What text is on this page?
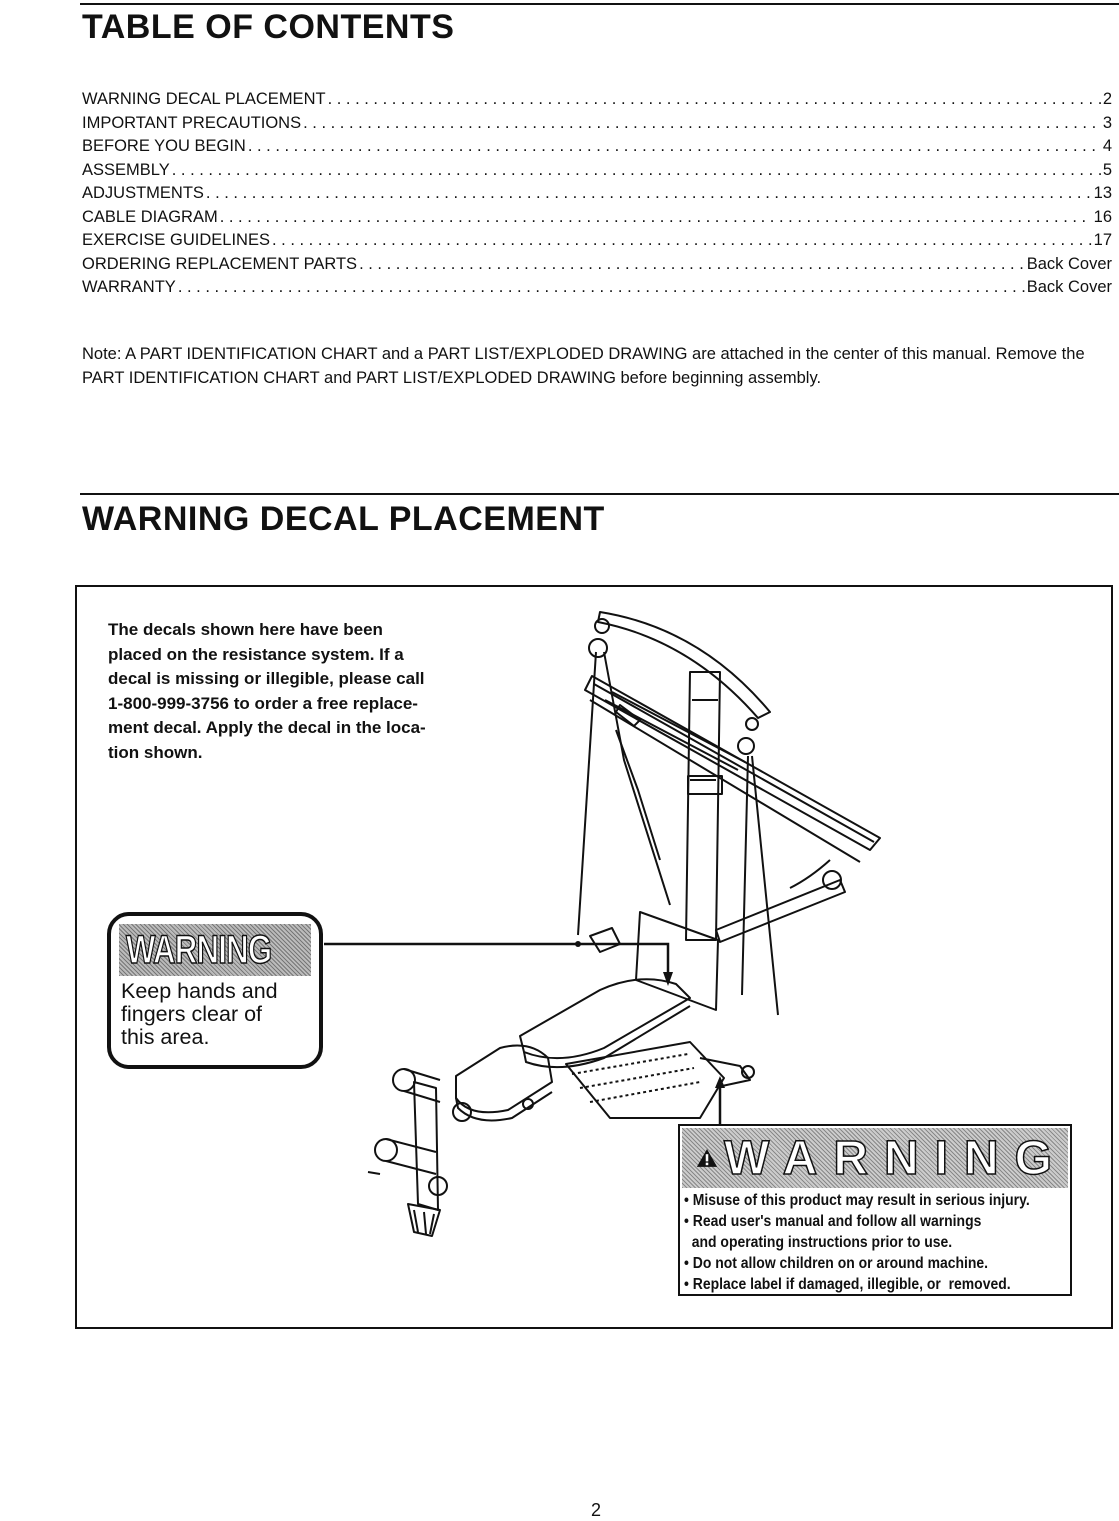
TABLE OF CONTENTS
WARNING DECAL PLACEMENT . . .	2
IMPORTANT PRECAUTIONS . . .	3
BEFORE YOU BEGIN . . .	4
ASSEMBLY . . .	5
ADJUSTMENTS . . .	13
CABLE DIAGRAM . . .	16
EXERCISE GUIDELINES . . .	17
ORDERING REPLACEMENT PARTS . . .	Back Cover
WARRANTY . . .	Back Cover
Note: A PART IDENTIFICATION CHART and a PART LIST/EXPLODED DRAWING are attached in the center of this manual. Remove the PART IDENTIFICATION CHART and PART LIST/EXPLODED DRAWING before beginning assembly.
WARNING DECAL PLACEMENT
The decals shown here have been
placed on the resistance system. If a
decal is missing or illegible, please call
1-800-999-3756 to order a free replace-
ment decal. Apply the decal in the loca-
tion shown.
WARNING
Keep hands and
fingers clear of
this area.
WARNING
• Misuse of this product may result in serious injury.
• Read user's manual and follow all warnings
and operating instructions prior to use.
• Do not allow children on or around machine.
• Replace label if damaged, illegible, or  removed.
2
